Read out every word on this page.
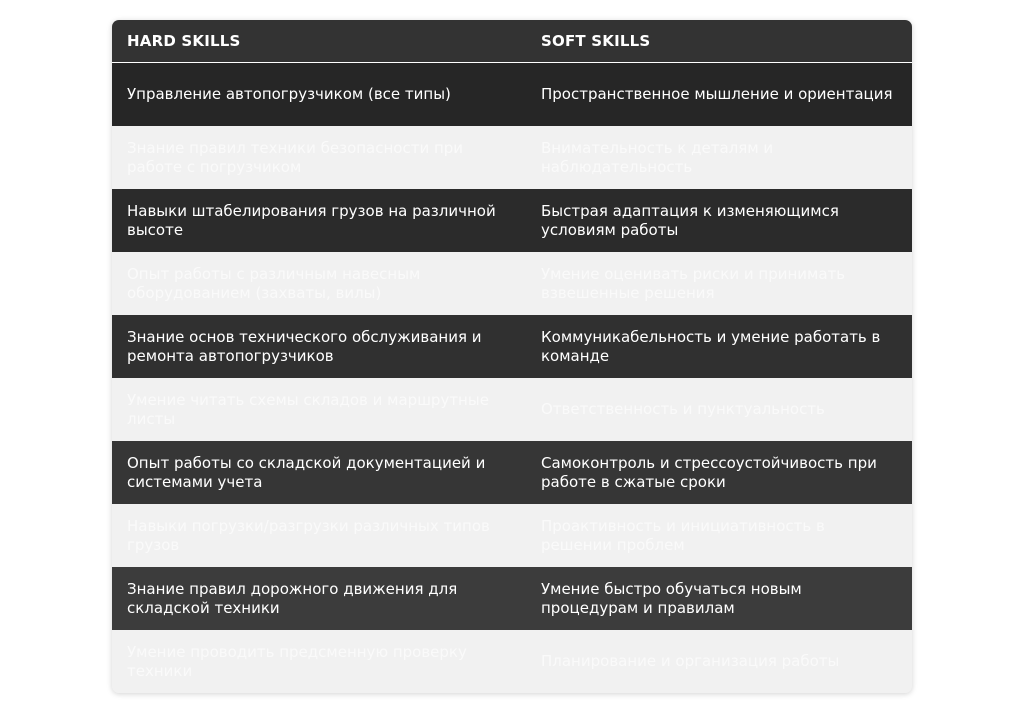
HARD SKILLS	SOFT SKILLS
Управление автопогрузчиком (все типы)	Пространственное мышление и ориентация
Знание правил техники безопасности при работе с погрузчиком
Внимательность к деталям и наблюдательность
Навыки штабелирования грузов на различной высоте
Быстрая адаптация к изменяющимся условиям работы
Опыт работы с различным навесным оборудованием (захваты, вилы)
Умение оценивать риски и принимать взвешенные решения
Знание основ технического обслуживания и ремонта автопогрузчиков
Коммуникабельность и умение работать в команде
Умение читать схемы складов и маршрутные листы
Ответственность и пунктуальность
Опыт работы со складской документацией и системами учета
Самоконтроль и стрессоустойчивость при работе в сжатые сроки
Навыки погрузки/разгрузки различных типов грузов
Проактивность и инициативность в решении проблем
Знание правил дорожного движения для складской техники
Умение быстро обучаться новым процедурам и правилам
Умение проводить предсменную проверку техники
Планирование и организация работы
